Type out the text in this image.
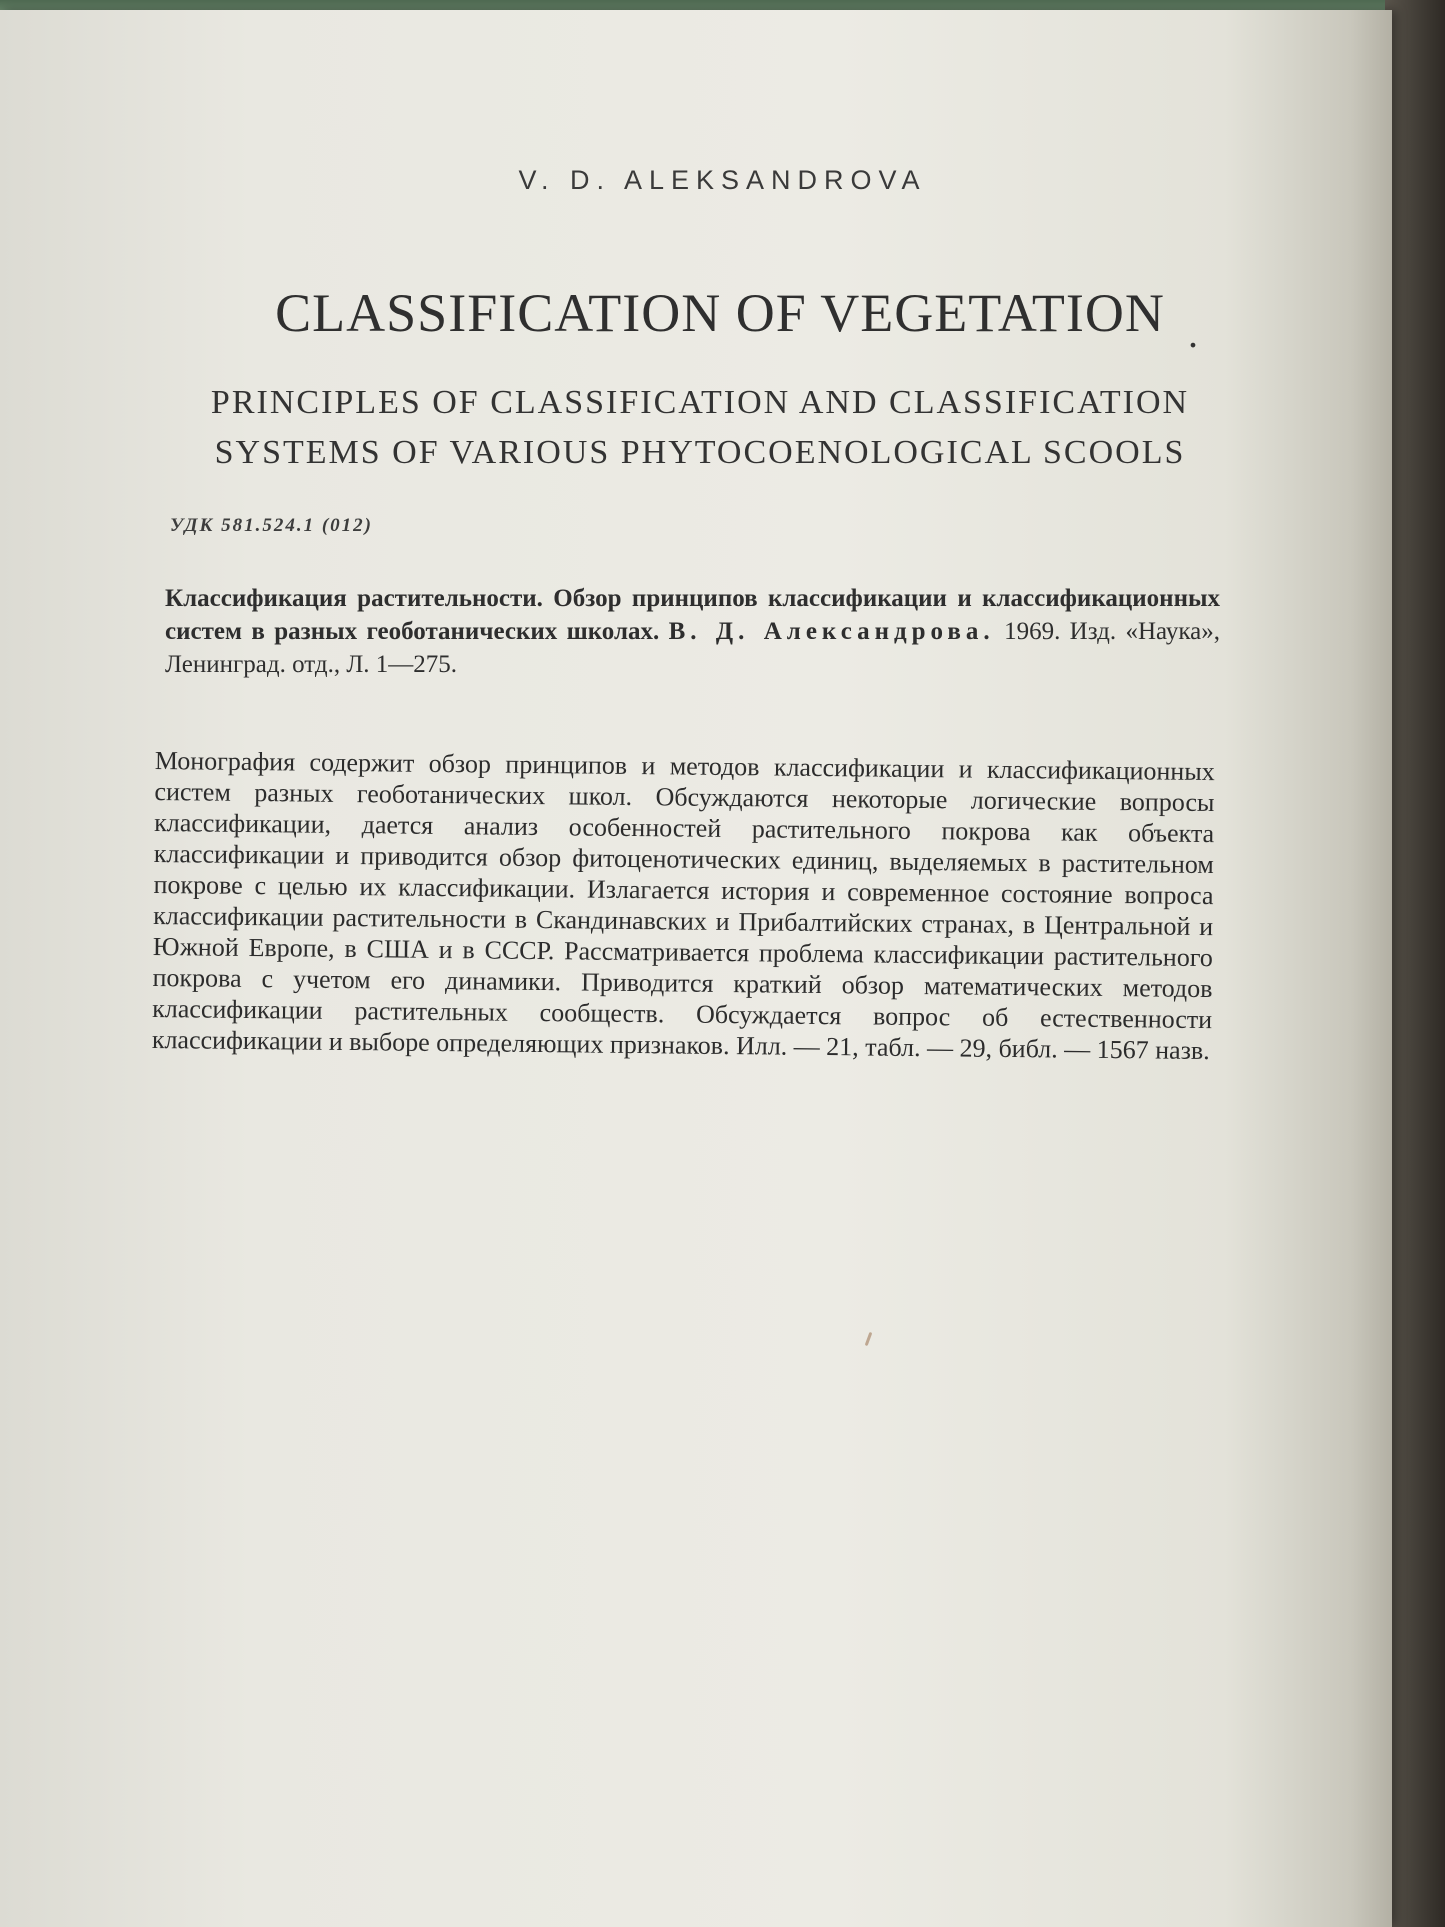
V. D. ALEKSANDROVA
CLASSIFICATION OF VEGETATION .
PRINCIPLES OF CLASSIFICATION AND CLASSIFICATION
SYSTEMS OF VARIOUS PHYTOCOENOLOGICAL SCOOLS
УДК 581.524.1 (012)
Классификация растительности. Обзор принципов классификации и классификационных систем в разных геоботанических школах. В. Д. Александрова. 1969. Изд. «Наука», Ленинград. отд., Л. 1—275.
Монография содержит обзор принципов и методов классификации и классификационных систем разных геоботанических школ. Обсуждаются некоторые логические вопросы классификации, дается анализ особенностей растительного покрова как объекта классификации и приводится обзор фитоценотических единиц, выделяемых в растительном покрове с целью их классификации. Излагается история и современное состояние вопроса классификации растительности в Скандинавских и Прибалтийских странах, в Центральной и Южной Европе, в США и в СССР. Рассматривается проблема классификации растительного покрова с учетом его динамики. Приводится краткий обзор математических методов классификации растительных сообществ. Обсуждается вопрос об естественности классификации и выборе определяющих признаков. Илл. — 21, табл. — 29, библ. — 1567 назв.
